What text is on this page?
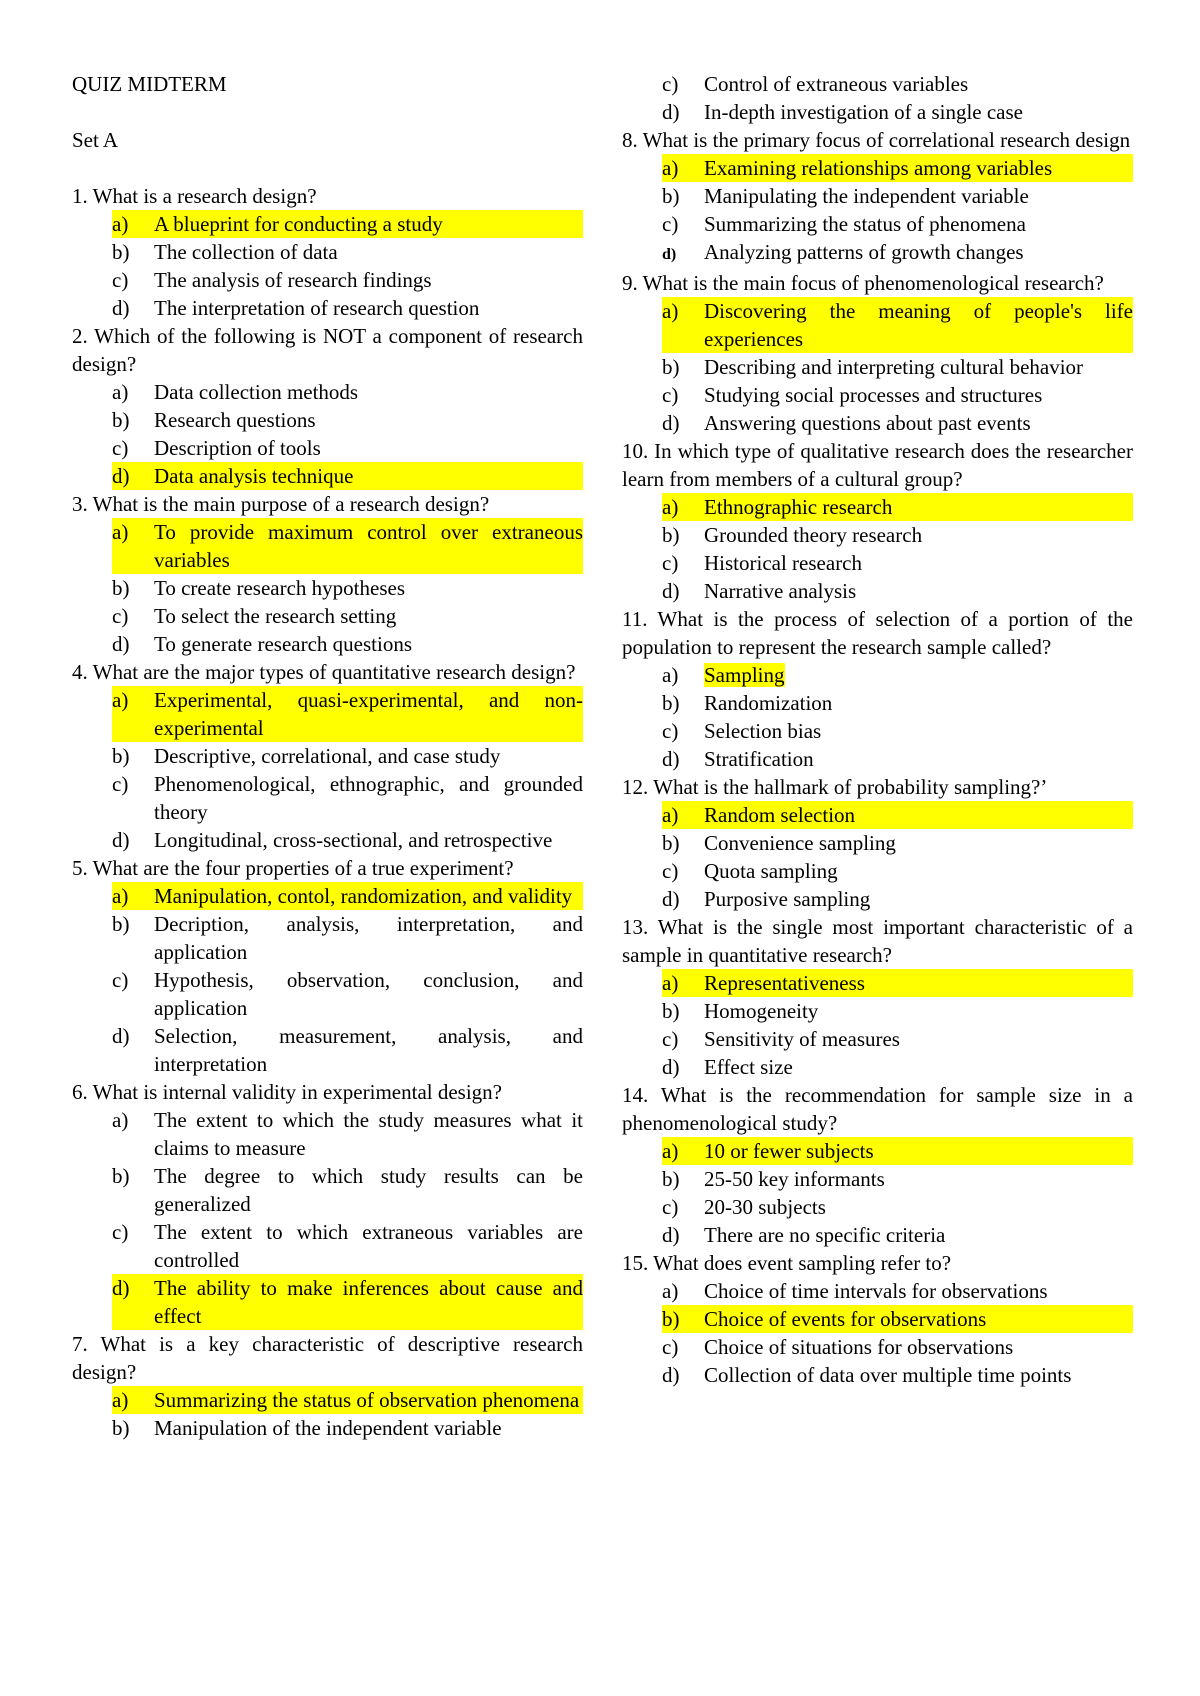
QUIZ MIDTERM

Set A

1. What is a research design?
a)	A blueprint for conducting a study
b)	The collection of data
c)	The analysis of research findings
d)	The interpretation of research question
2. Which of the following is NOT a component of research design?
a)	Data collection methods
b)	Research questions
c)	Description of tools
d)	Data analysis technique
3. What is the main purpose of a research design?
a)	To provide maximum control over extraneous variables
b)	To create research hypotheses
c)	To select the research setting
d)	To generate research questions
4. What are the major types of quantitative research design?
a)	Experimental, quasi-experimental, and non-experimental
b)	Descriptive, correlational, and case study
c)	Phenomenological, ethnographic, and grounded theory
d)	Longitudinal, cross-sectional, and retrospective
5. What are the four properties of a true experiment?
a)	Manipulation, contol, randomization, and validity
b)	Decription, analysis, interpretation, and application
c)	Hypothesis, observation, conclusion, and application
d)	Selection, measurement, analysis, and interpretation
6. What is internal validity in experimental design?
a)	The extent to which the study measures what it claims to measure
b)	The degree to which study results can be generalized
c)	The extent to which extraneous variables are controlled
d)	The ability to make inferences about cause and effect
7. What is a key characteristic of descriptive research design?
a)	Summarizing the status of observation phenomena
b)	Manipulation of the independent variable
c)	Control of extraneous variables
d)	In-depth investigation of a single case
8. What is the primary focus of correlational research design
a)	Examining relationships among variables
b)	Manipulating the independent variable
c)	Summarizing the status of phenomena
d)	Analyzing patterns of growth changes
9. What is the main focus of phenomenological research?
a)	Discovering the meaning of people's life experiences
b)	Describing and interpreting cultural behavior
c)	Studying social processes and structures
d)	Answering questions about past events
10. In which type of qualitative research does the researcher learn from members of a cultural group?
a)	Ethnographic research
b)	Grounded theory research
c)	Historical research
d)	Narrative analysis
11. What is the process of selection of a portion of the population to represent the research sample called?
a)	Sampling
b)	Randomization
c)	Selection bias
d)	Stratification
12. What is the hallmark of probability sampling?’
a)	Random selection
b)	Convenience sampling
c)	Quota sampling
d)	Purposive sampling
13. What is the single most important characteristic of a sample in quantitative research?
a)	Representativeness
b)	Homogeneity
c)	Sensitivity of measures
d)	Effect size
14. What is the recommendation for sample size in a phenomenological study?
a)	10 or fewer subjects
b)	25-50 key informants
c)	20-30 subjects
d)	There are no specific criteria
15. What does event sampling refer to?
a)	Choice of time intervals for observations
b)	Choice of events for observations
c)	Choice of situations for observations
d)	Collection of data over multiple time points
